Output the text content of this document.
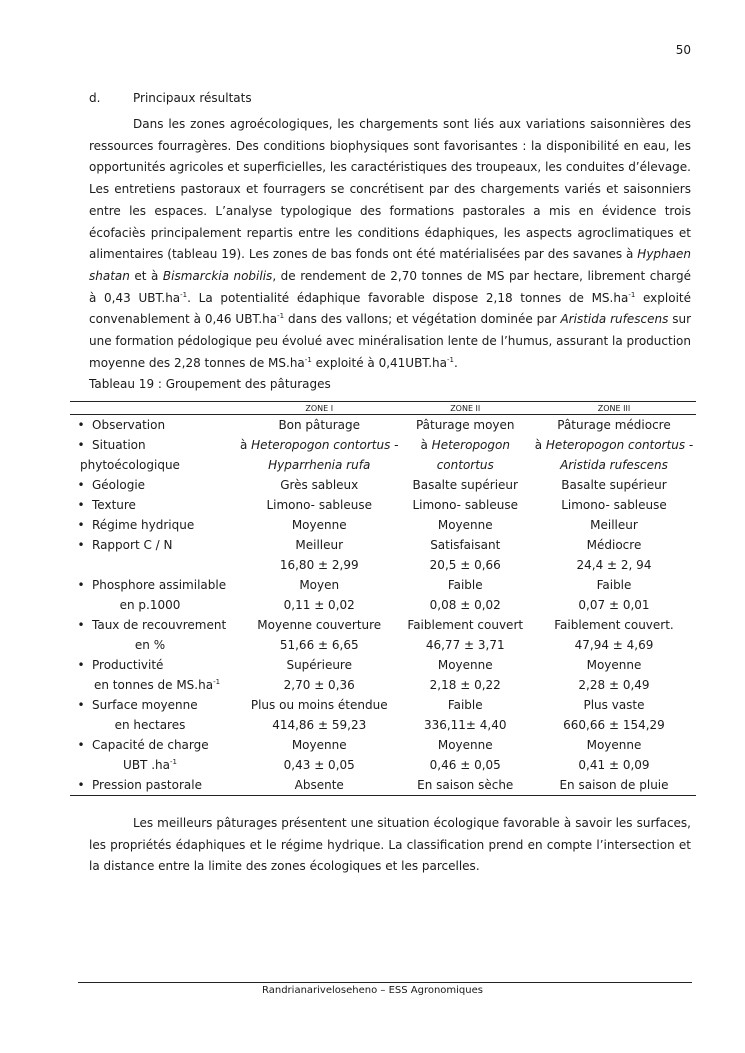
50
d.	Principaux résultats
Dans les zones agroécologiques, les chargements sont liés aux variations saisonnières des ressources fourragères. Des conditions biophysiques sont favorisantes : la disponibilité en eau, les opportunités agricoles et superficielles, les caractéristiques des troupeaux, les conduites d’élevage. Les entretiens pastoraux et fourragers se concrétisent par des chargements variés et saisonniers entre les espaces. L’analyse typologique des formations pastorales a mis en évidence trois écofaciès principalement repartis entre les conditions édaphiques, les aspects agroclimatiques et alimentaires (tableau 19). Les zones de bas fonds ont été matérialisées par des savanes à Hyphaen shatan et à Bismarckia nobilis, de rendement de 2,70 tonnes de MS par hectare, librement chargé à 0,43 $UBT.ha^{-1}$. La potentialité édaphique favorable dispose 2,18 tonnes de $MS.ha^{-1}$ exploité convenablement à 0,46 $UBT.ha^{-1}$ dans des vallons; et végétation dominée par Aristida rufescens sur une formation pédologique peu évolué avec minéralisation lente de l’humus, assurant la production moyenne des 2,28 tonnes de $MS.ha^{-1}$ exploité à $0,41UBT.ha^{-1}$.
Tableau 19 : Groupement des pâturages
	ZONE I	ZONE II	ZONE III
• Observation	Bon pâturage	Pâturage moyen	Pâturage médiocre
• Situation	à Heteropogon contortus -	à Heteropogon	à Heteropogon contortus -
phytoécologique	Hyparrhenia rufa	contortus	Aristida rufescens
• Géologie	Grès sableux	Basalte supérieur	Basalte supérieur
• Texture	Limono- sableuse	Limono- sableuse	Limono- sableuse
• Régime hydrique	Moyenne	Moyenne	Meilleur
• Rapport C / N	Meilleur	Satisfaisant	Médiocre
	16,80 ± 2,99	20,5 ± 0,66	24,4 ± 2, 94
• Phosphore assimilable	Moyen	Faible	Faible
en p.1000	0,11 ± 0,02	0,08 ± 0,02	0,07 ± 0,01
• Taux de recouvrement	Moyenne couverture	Faiblement couvert	Faiblement couvert.
en %	51,66 ± 6,65	46,77 ± 3,71	47,94 ± 4,69
• Productivité	Supérieure	Moyenne	Moyenne
en tonnes de $MS.ha^{-1}$	2,70 ± 0,36	2,18 ± 0,22	2,28 ± 0,49
• Surface moyenne	Plus ou moins étendue	Faible	Plus vaste
en hectares	414,86 ± 59,23	336,11± 4,40	660,66 ± 154,29
• Capacité de charge	Moyenne	Moyenne	Moyenne
UBT $.ha^{-1}$	0,43 ± 0,05	0,46 ± 0,05	0,41 ± 0,09
• Pression pastorale	Absente	En saison sèche	En saison de pluie
Les meilleurs pâturages présentent une situation écologique favorable à savoir les surfaces, les propriétés édaphiques et le régime hydrique. La classification prend en compte l’intersection et la distance entre la limite des zones écologiques et les parcelles.
Randrianariveloseheno – ESS Agronomiques
